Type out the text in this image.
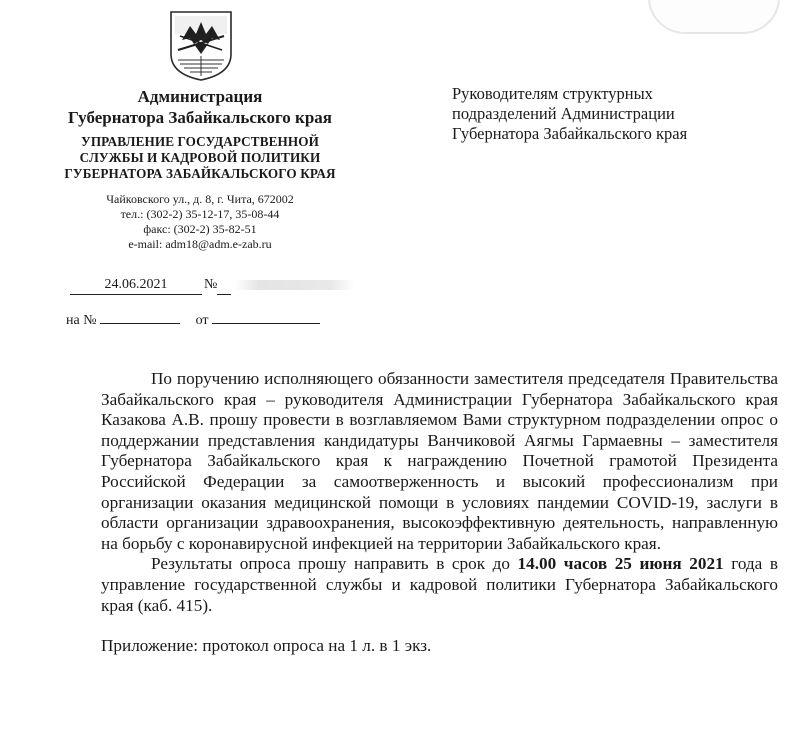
Администрация

Губернатора Забайкальского края

УПРАВЛЕНИЕ ГОСУДАРСТВЕННОЙ
СЛУЖБЫ И КАДРОВОЙ ПОЛИТИКИ
ГУБЕРНАТОРА ЗАБАЙКАЛЬСКОГО КРАЯ
Чайковского ул., д. 8, г. Чита, 672002
тел.: (302-2) 35-12-17, 35-08-44
факс: (302-2) 35-82-51
e-mail: adm18@adm.e-zab.ru
24.06.2021	№
на №	от
Руководителям структурных
подразделений Администрации
Губернатора Забайкальского края

По поручению исполняющего обязанности заместителя председателя Правительства Забайкальского края – руководителя Администрации Губернатора Забайкальского края Казакова А.В. прошу провести в возглавляемом Вами структурном подразделении опрос о поддержании представления кандидатуры Ванчиковой Аягмы Гармаевны – заместителя Губернатора Забайкальского края к награждению Почетной грамотой Президента Российской Федерации за самоотверженность и высокий профессионализм при организации оказания медицинской помощи в условиях пандемии COVID-19, заслуги в области организации здравоохранения, высокоэффективную деятельность, направленную на борьбу с коронавирусной инфекцией на территории Забайкальского края.

Результаты опроса прошу направить в срок до 14.00 часов 25 июня 2021 года в управление государственной службы и кадровой политики Губернатора Забайкальского края (каб. 415).

Приложение: протокол опроса на 1 л. в 1 экз.
